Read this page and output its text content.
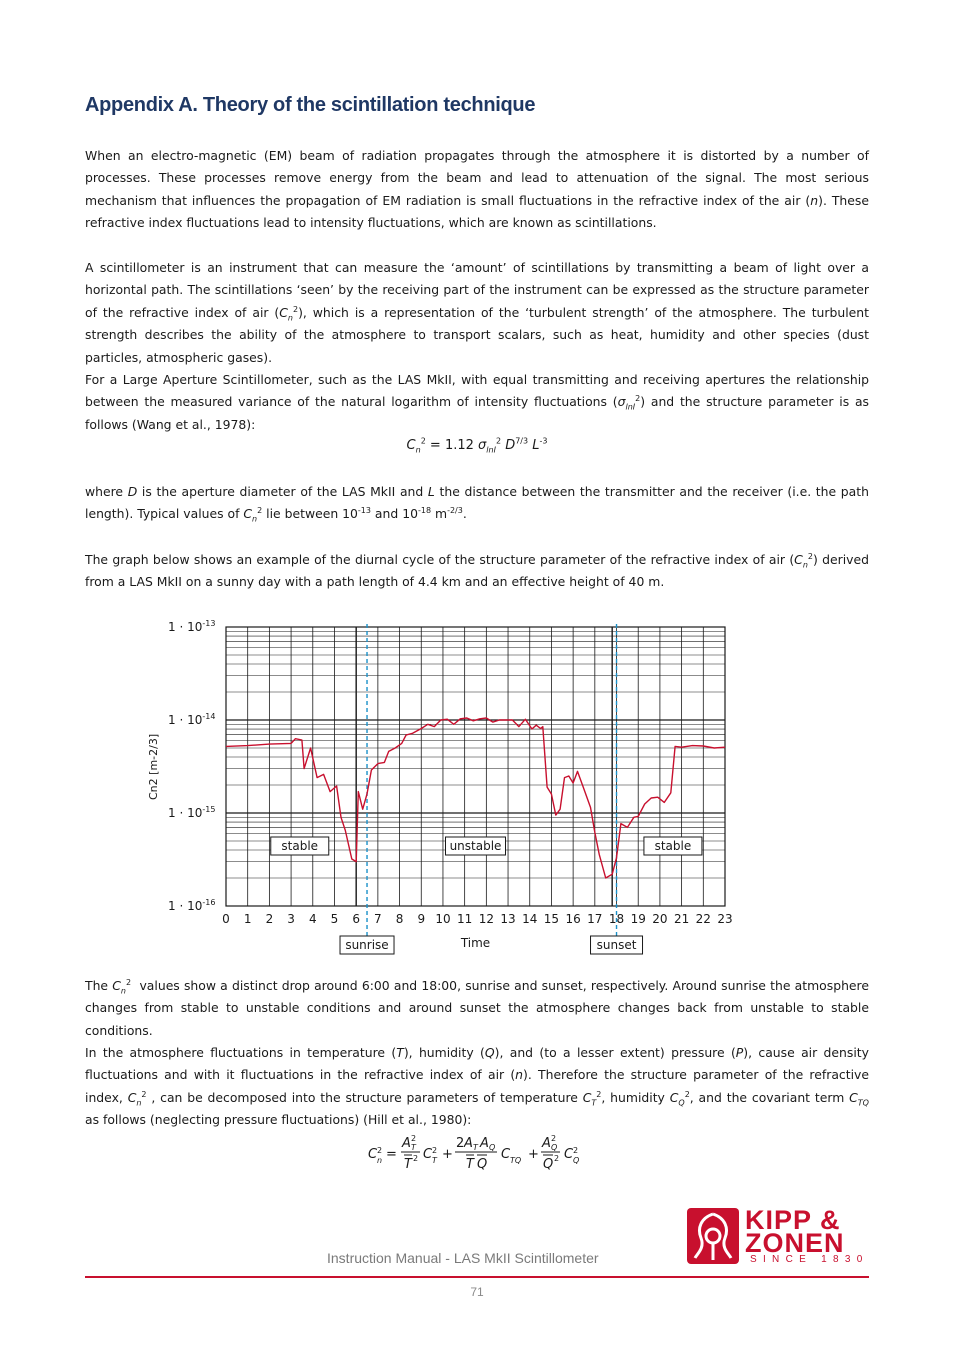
Appendix A. Theory of the scintillation technique

When an electro-magnetic (EM) beam of radiation propagates through the atmosphere it is distorted by a number of processes. These processes remove energy from the beam and lead to attenuation of the signal. The most serious mechanism that influences the propagation of EM radiation is small fluctuations in the refractive index of the air (n). These refractive index fluctuations lead to intensity fluctuations, which are known as scintillations.

A scintillometer is an instrument that can measure the ‘amount’ of scintillations by transmitting a beam of light over a horizontal path. The scintillations ‘seen’ by the receiving part of the instrument can be expressed as the structure parameter of the refractive index of air $(C_n^2)$, which is a representation of the ‘turbulent strength’ of the atmosphere. The turbulent strength describes the ability of the atmosphere to transport scalars, such as heat, humidity and other species (dust particles, atmospheric gases).

For a Large Aperture Scintillometer, such as the LAS MkII, with equal transmitting and receiving apertures the relationship between the measured variance of the natural logarithm of intensity fluctuations $(\sigma_{lnI}^2)$ and the structure parameter is as follows (Wang et al., 1978):

$C_n^2 = 1.12$ $\sigma_{lnI}^2$ $D^{7/3}$ $L^{-3}$

where D is the aperture diameter of the LAS MkII and L the distance between the transmitter and the receiver (i.e. the path length). Typical values of $C_n^2$ lie between $10^{-13}$ and $10^{-18}$ $m^{-2/3}$.

The graph below shows an example of the diurnal cycle of the structure parameter of the refractive index of air $(C_n^2)$ derived from a LAS MkII on a sunny day with a path length of 4.4 km and an effective height of 40 m.

0 1 2 3 4 5 6 7 8 9 10 11 12 13 14 15 16 17 18 19 20 21 22 23
$1 \cdot 10^{-13}$
$1 \cdot 10^{-14}$
$1 \cdot 10^{-15}$
$1 \cdot 10^{-16}$
Time
Cn2 [m-2/3]
stable	unstable	stable
sunrise	sunset

The $C_n^2$  values show a distinct drop around 6:00 and 18:00, sunrise and sunset, respectively. Around sunrise the atmosphere changes from stable to unstable conditions and around sunset the atmosphere changes back from unstable to stable conditions.

In the atmosphere fluctuations in temperature (T), humidity (Q), and (to a lesser extent) pressure (P), cause air density fluctuations and with it fluctuations in the refractive index of air (n). Therefore the structure parameter of the refractive index, $C_n^2$ , can be decomposed into the structure parameters of temperature $C_T^2$, humidity $C_Q^2$, and the covariant term $C_{TQ}$ as follows (neglecting pressure fluctuations) (Hill et al., 1980):

C n
2 =
A T
2
T 2 C T
2 +
2 A T A Q
T Q
C TQ +
A Q
2
Q 2 C Q
2
KIPP &
ZONEN
SINCE 1830
Instruction Manual - LAS MkII Scintillometer
71
